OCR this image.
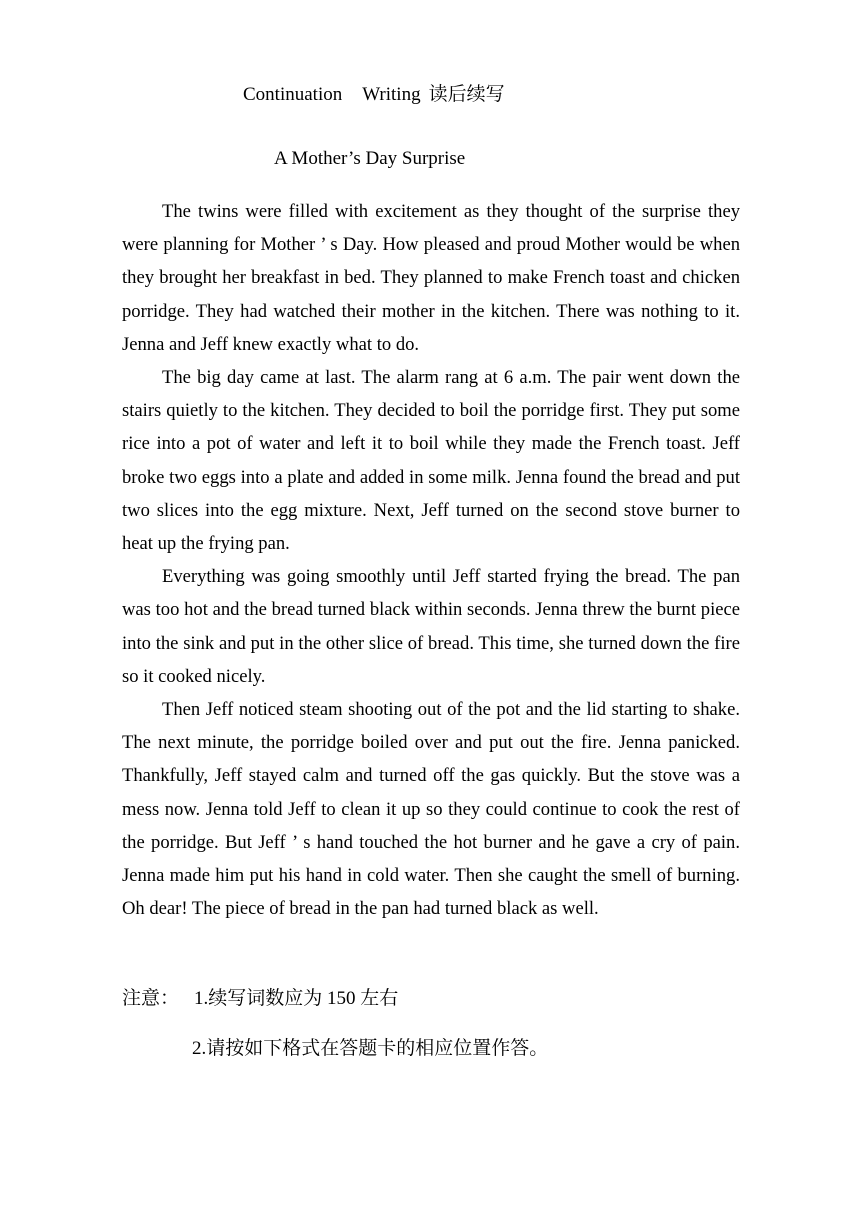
Continuation Writing 读后续写
A Mother’s Day Surprise

The twins were filled with excitement as they thought of the surprise they were planning for Mother ’ s Day. How pleased and proud Mother would be when they brought her breakfast in bed. They planned to make French toast and chicken porridge. They had watched their mother in the kitchen. There was nothing to it. Jenna and Jeff knew exactly what to do.

The big day came at last. The alarm rang at 6 a.m. The pair went down the stairs quietly to the kitchen. They decided to boil the porridge first. They put some rice into a pot of water and left it to boil while they made the French toast. Jeff broke two eggs into a plate and added in some milk. Jenna found the bread and put two slices into the egg mixture. Next, Jeff turned on the second stove burner to heat up the frying pan.

Everything was going smoothly until Jeff started frying the bread. The pan was too hot and the bread turned black within seconds. Jenna threw the burnt piece into the sink and put in the other slice of bread. This time, she turned down the fire so it cooked nicely.

Then Jeff noticed steam shooting out of the pot and the lid starting to shake. The next minute, the porridge boiled over and put out the fire. Jenna panicked. Thankfully, Jeff stayed calm and turned off the gas quickly. But the stove was a mess now. Jenna told Jeff to clean it up so they could continue to cook the rest of the porridge. But Jeff ’ s hand touched the hot burner and he gave a cry of pain. Jenna made him put his hand in cold water. Then she caught the smell of burning. Oh dear! The piece of bread in the pan had turned black as well.

注意： 1.续写词数应为 150 左右
2.请按如下格式在答题卡的相应位置作答。
